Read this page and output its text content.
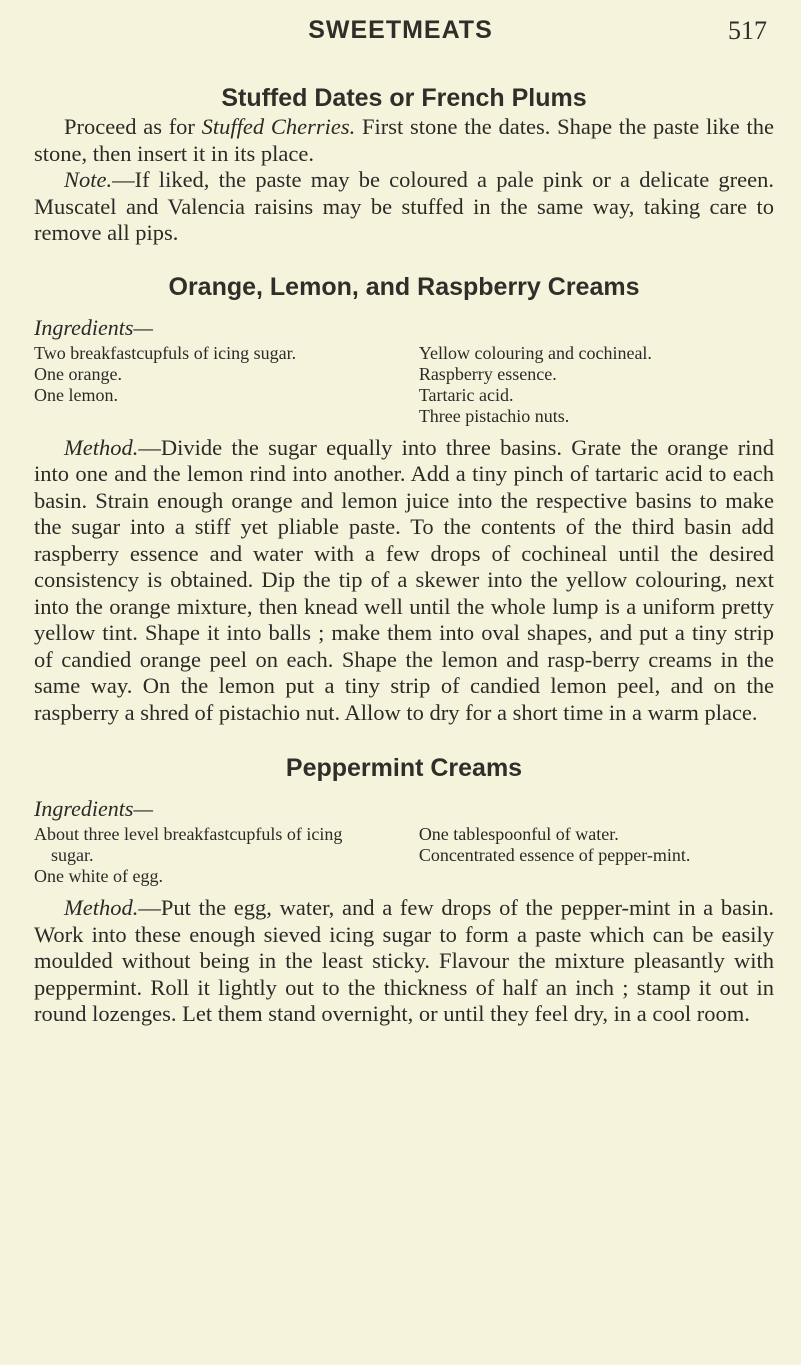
SWEETMEATS	517
Stuffed Dates or French Plums

Proceed as for Stuffed Cherries. First stone the dates. Shape the paste like the stone, then insert it in its place.

Note.—If liked, the paste may be coloured a pale pink or a delicate green. Muscatel and Valencia raisins may be stuffed in the same way, taking care to remove all pips.

Orange, Lemon, and Raspberry Creams
Ingredients—
Two breakfastcupfuls of icing sugar.
One orange.
One lemon.
Yellow colouring and cochineal.
Raspberry essence.
Tartaric acid.
Three pistachio nuts.

Method.—Divide the sugar equally into three basins. Grate the orange rind into one and the lemon rind into another. Add a tiny pinch of tartaric acid to each basin. Strain enough orange and lemon juice into the respective basins to make the sugar into a stiff yet pliable paste. To the contents of the third basin add raspberry essence and water with a few drops of cochineal until the desired consistency is obtained. Dip the tip of a skewer into the yellow colouring, next into the orange mixture, then knead well until the whole lump is a uniform pretty yellow tint. Shape it into balls ; make them into oval shapes, and put a tiny strip of candied orange peel on each. Shape the lemon and rasp-berry creams in the same way. On the lemon put a tiny strip of candied lemon peel, and on the raspberry a shred of pistachio nut. Allow to dry for a short time in a warm place.

Peppermint Creams
Ingredients—
About three level breakfastcupfuls of icing sugar.
One white of egg.
One tablespoonful of water.
Concentrated essence of pepper-mint.

Method.—Put the egg, water, and a few drops of the pepper-mint in a basin. Work into these enough sieved icing sugar to form a paste which can be easily moulded without being in the least sticky. Flavour the mixture pleasantly with peppermint. Roll it lightly out to the thickness of half an inch ; stamp it out in round lozenges. Let them stand overnight, or until they feel dry, in a cool room.
